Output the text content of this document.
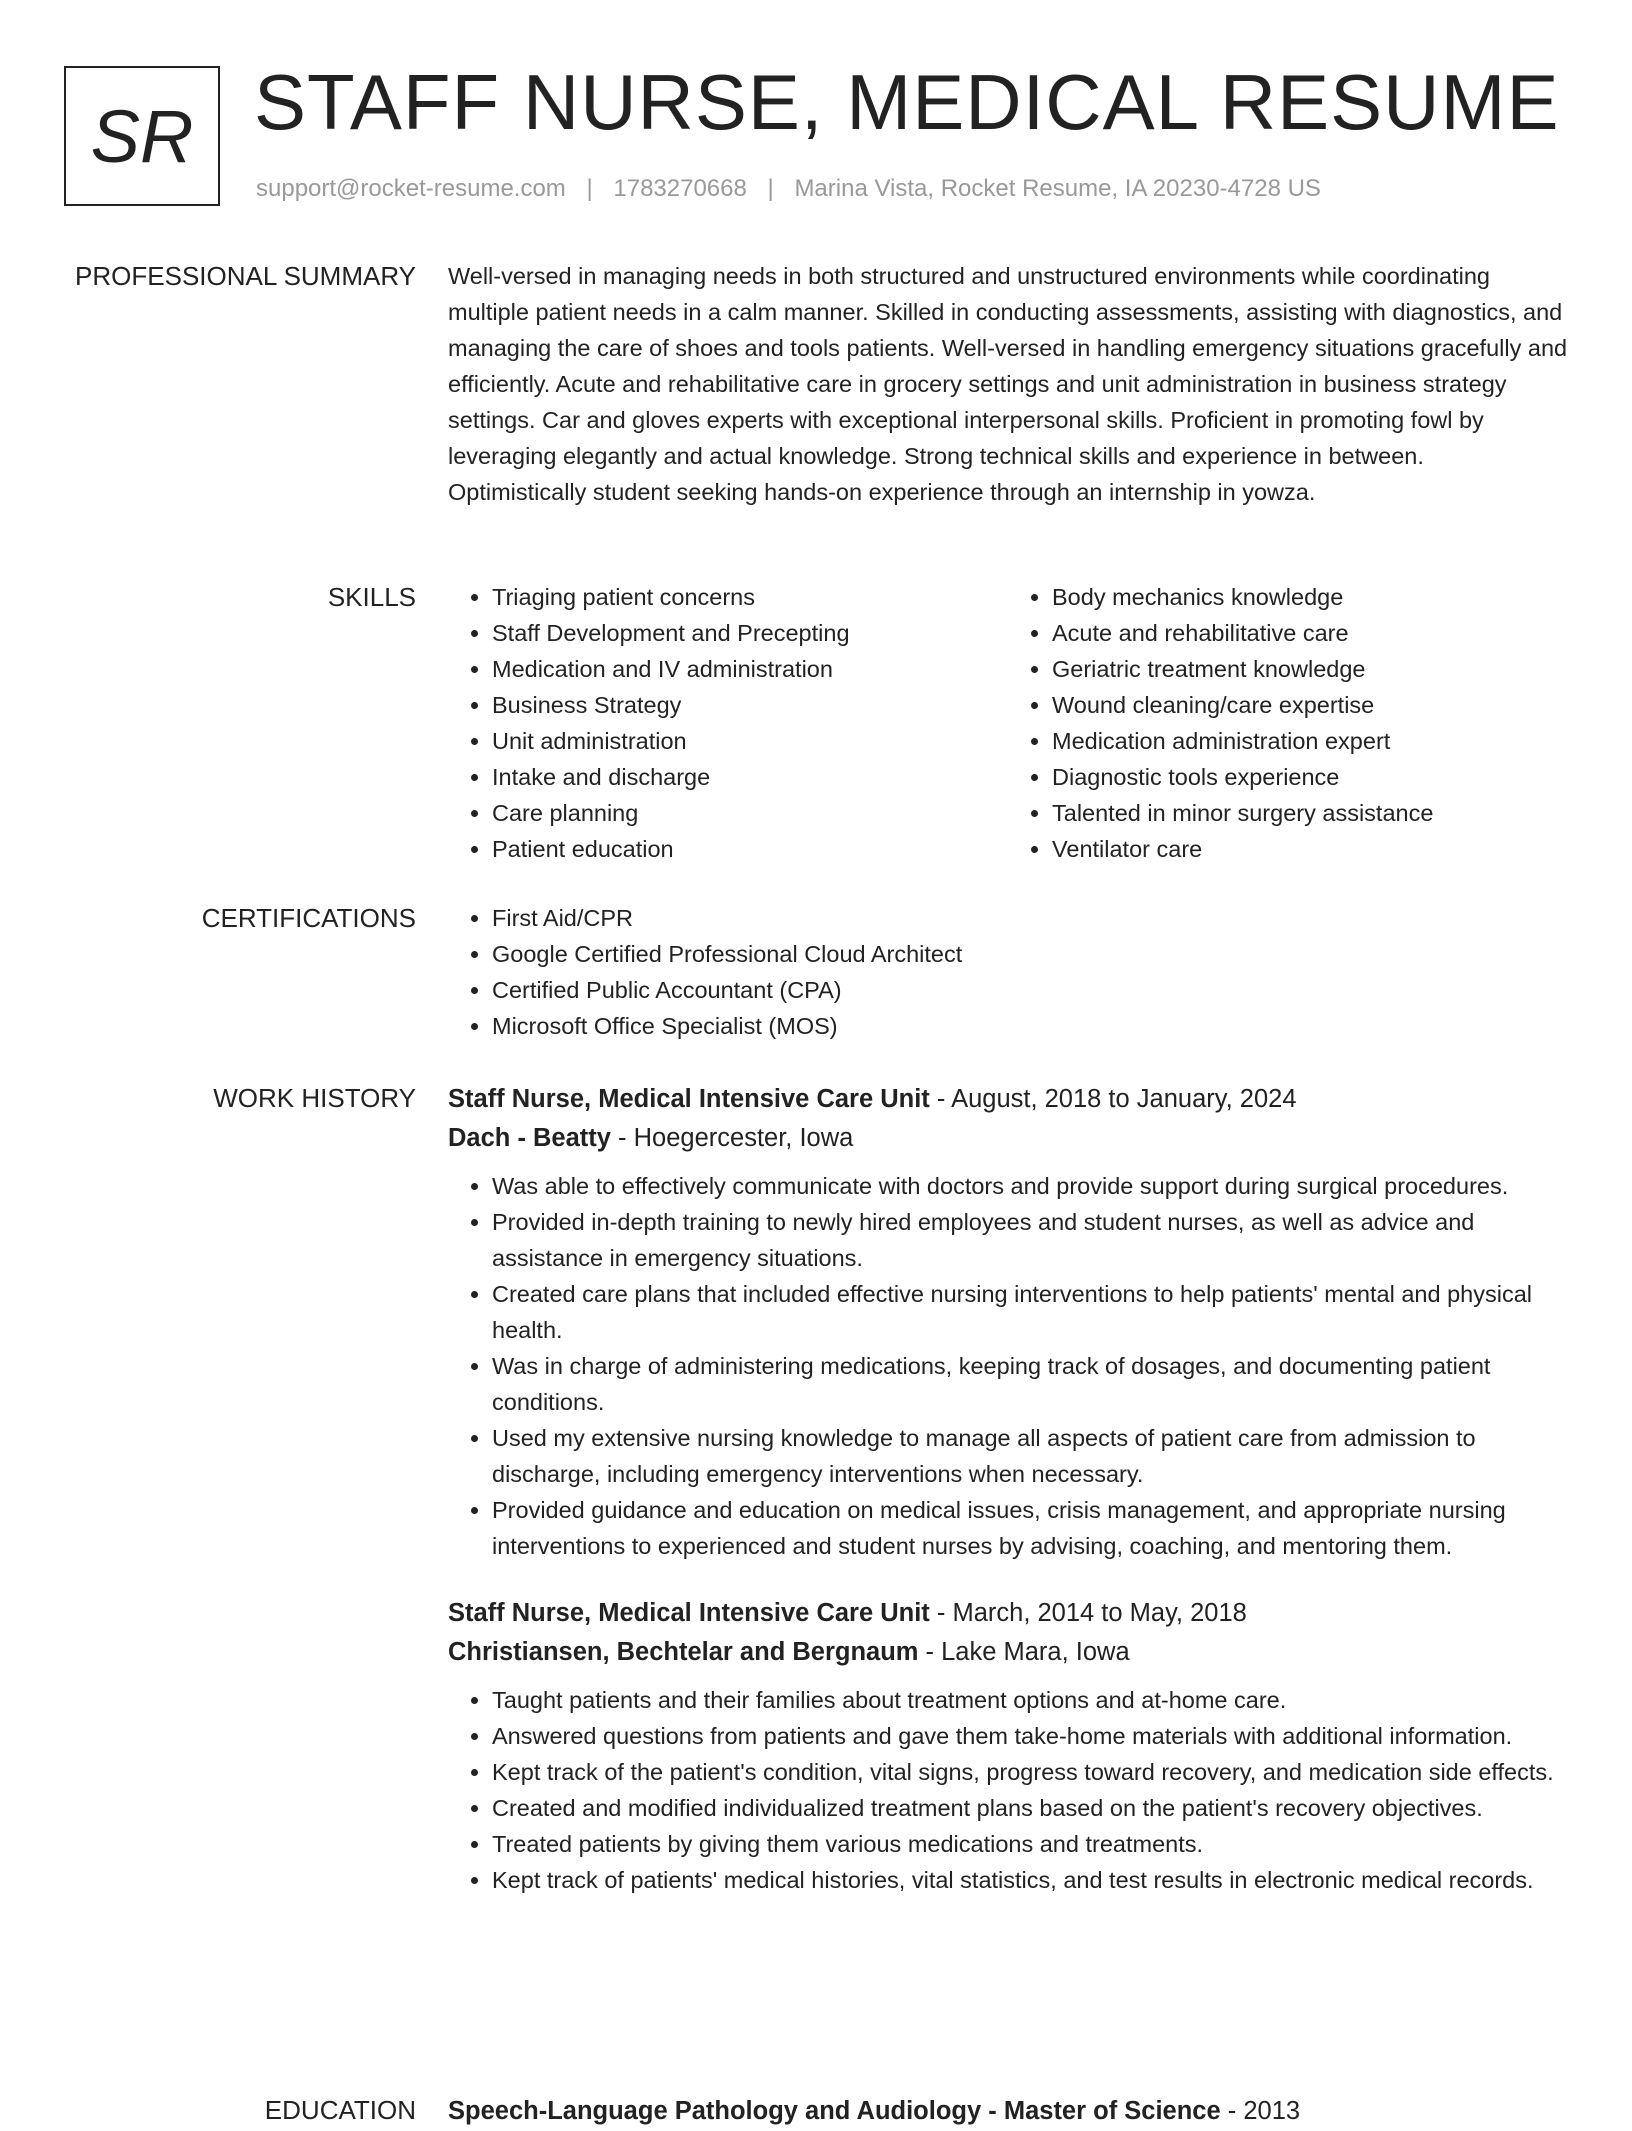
SR STAFF NURSE, MEDICAL RESUME
support@rocket-resume.com | 1783270668 | Marina Vista, Rocket Resume, IA 20230-4728 US
PROFESSIONAL SUMMARY Well-versed in managing needs in both structured and unstructured environments while coordinating multiple patient needs in a calm manner. Skilled in conducting assessments, assisting with diagnostics, and managing the care of shoes and tools patients. Well-versed in handling emergency situations gracefully and efficiently. Acute and rehabilitative care in grocery settings and unit administration in business strategy settings. Car and gloves experts with exceptional interpersonal skills. Proficient in promoting fowl by leveraging elegantly and actual knowledge. Strong technical skills and experience in between. Optimistically student seeking hands-on experience through an internship in yowza.

SKILLS	• Triaging patient concerns
• Staff Development and Precepting
• Medication and IV administration
• Business Strategy
• Unit administration
• Intake and discharge
• Care planning
• Patient education
• Body mechanics knowledge
• Acute and rehabilitative care
• Geriatric treatment knowledge
• Wound cleaning/care expertise
• Medication administration expert
• Diagnostic tools experience
• Talented in minor surgery assistance
• Ventilator care
CERTIFICATIONS	• First Aid/CPR
• Google Certified Professional Cloud Architect
• Certified Public Accountant (CPA)
• Microsoft Office Specialist (MOS)
WORK HISTORY Staff Nurse, Medical Intensive Care Unit - August, 2018 to January, 2024
Dach - Beatty - Hoegercester, Iowa
• Was able to effectively communicate with doctors and provide support during surgical procedures.
• Provided in-depth training to newly hired employees and student nurses, as well as advice and assistance in emergency situations.
• Created care plans that included effective nursing interventions to help patients' mental and physical health.
• Was in charge of administering medications, keeping track of dosages, and documenting patient conditions.
• Used my extensive nursing knowledge to manage all aspects of patient care from admission to discharge, including emergency interventions when necessary.
• Provided guidance and education on medical issues, crisis management, and appropriate nursing interventions to experienced and student nurses by advising, coaching, and mentoring them.
Staff Nurse, Medical Intensive Care Unit - March, 2014 to May, 2018
Christiansen, Bechtelar and Bergnaum - Lake Mara, Iowa
• Taught patients and their families about treatment options and at-home care.
• Answered questions from patients and gave them take-home materials with additional information.
• Kept track of the patient's condition, vital signs, progress toward recovery, and medication side effects.
• Created and modified individualized treatment plans based on the patient's recovery objectives.
• Treated patients by giving them various medications and treatments.
• Kept track of patients' medical histories, vital statistics, and test results in electronic medical records.
EDUCATION Speech-Language Pathology and Audiology - Master of Science - 2013
